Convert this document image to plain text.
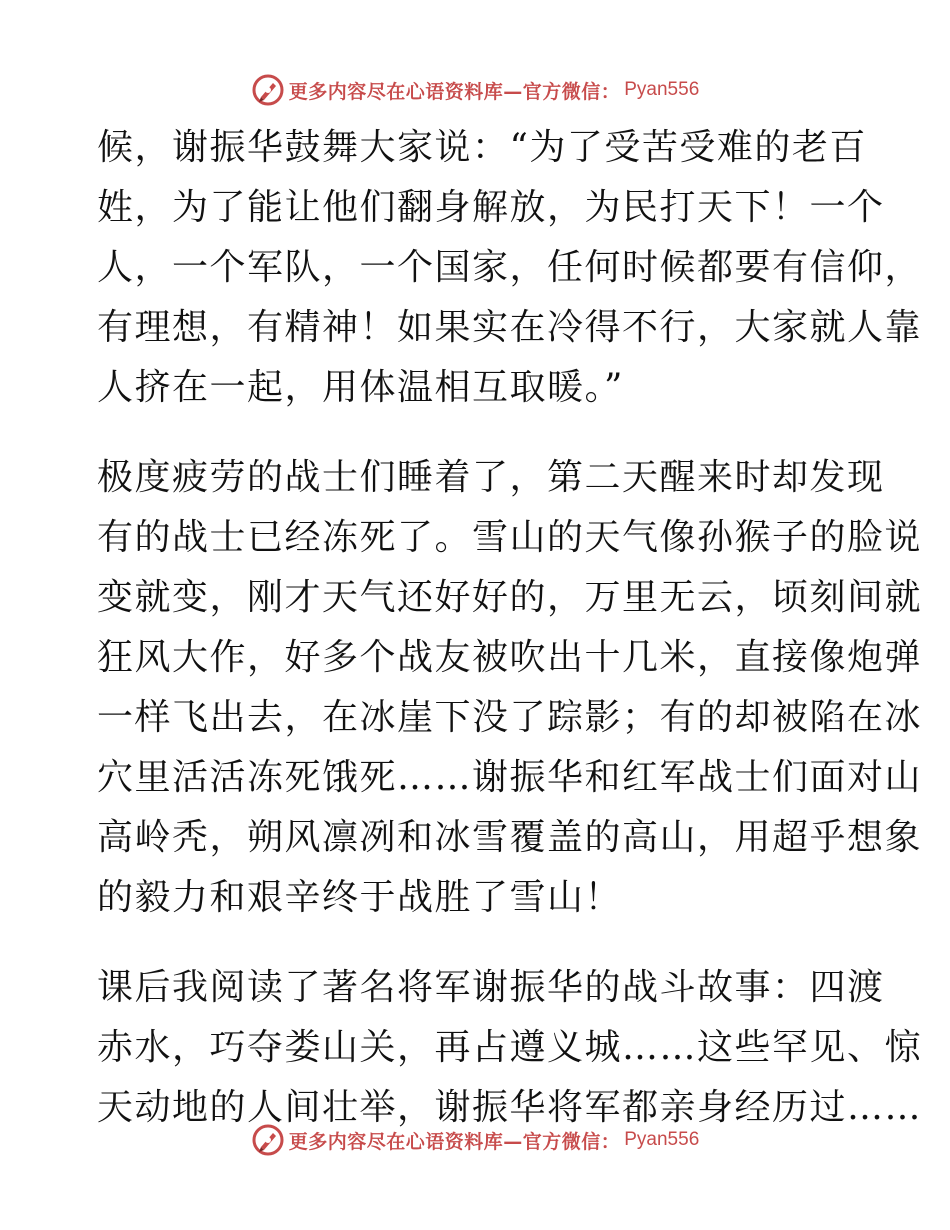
更多内容尽在心语资料库—官方微信： Pyan556
候，谢振华鼓舞大家说：“为了受苦受难的老百
姓，为了能让他们翻身解放，为民打天下！一个
人，一个军队，一个国家，任何时候都要有信仰，
有理想，有精神！如果实在冷得不行，大家就人靠
人挤在一起，用体温相互取暖。”
极度疲劳的战士们睡着了，第二天醒来时却发现
有的战士已经冻死了。雪山的天气像孙猴子的脸说
变就变，刚才天气还好好的，万里无云，顷刻间就
狂风大作，好多个战友被吹出十几米，直接像炮弹
一样飞出去，在冰崖下没了踪影；有的却被陷在冰
穴里活活冻死饿死……谢振华和红军战士们面对山
高岭秃，朔风凛冽和冰雪覆盖的高山，用超乎想象
的毅力和艰辛终于战胜了雪山！
课后我阅读了著名将军谢振华的战斗故事：四渡
赤水，巧夺娄山关，再占遵义城……这些罕见、惊
天动地的人间壮举，谢振华将军都亲身经历过……
更多内容尽在心语资料库—官方微信： Pyan556
